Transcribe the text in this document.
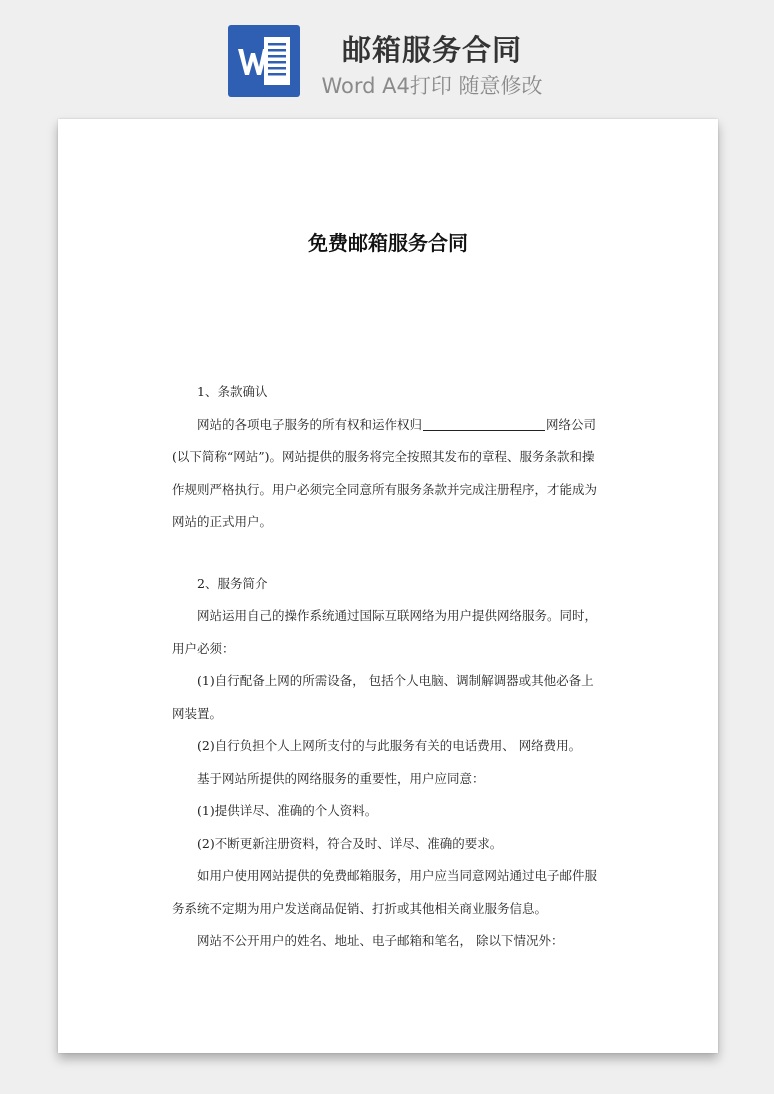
邮箱服务合同
Word A4打印 随意修改

免费邮箱服务合同

1、条款确认

网站的各项电子服务的所有权和运作权归	网络公司(以下简称“网站”)。网站提供的服务将完全按照其发布的章程、服务条款和操作规则严格执行。用户必须完全同意所有服务条款并完成注册程序，才能成为网站的正式用户。

2、服务简介

网站运用自己的操作系统通过国际互联网络为用户提供网络服务。同时，用户必须：

(1)自行配备上网的所需设备， 包括个人电脑、调制解调器或其他必备上网装置。

(2)自行负担个人上网所支付的与此服务有关的电话费用、 网络费用。

基于网站所提供的网络服务的重要性，用户应同意：

(1)提供详尽、准确的个人资料。

(2)不断更新注册资料，符合及时、详尽、准确的要求。

如用户使用网站提供的免费邮箱服务，用户应当同意网站通过电子邮件服务系统不定期为用户发送商品促销、打折或其他相关商业服务信息。

网站不公开用户的姓名、地址、电子邮箱和笔名， 除以下情况外：
